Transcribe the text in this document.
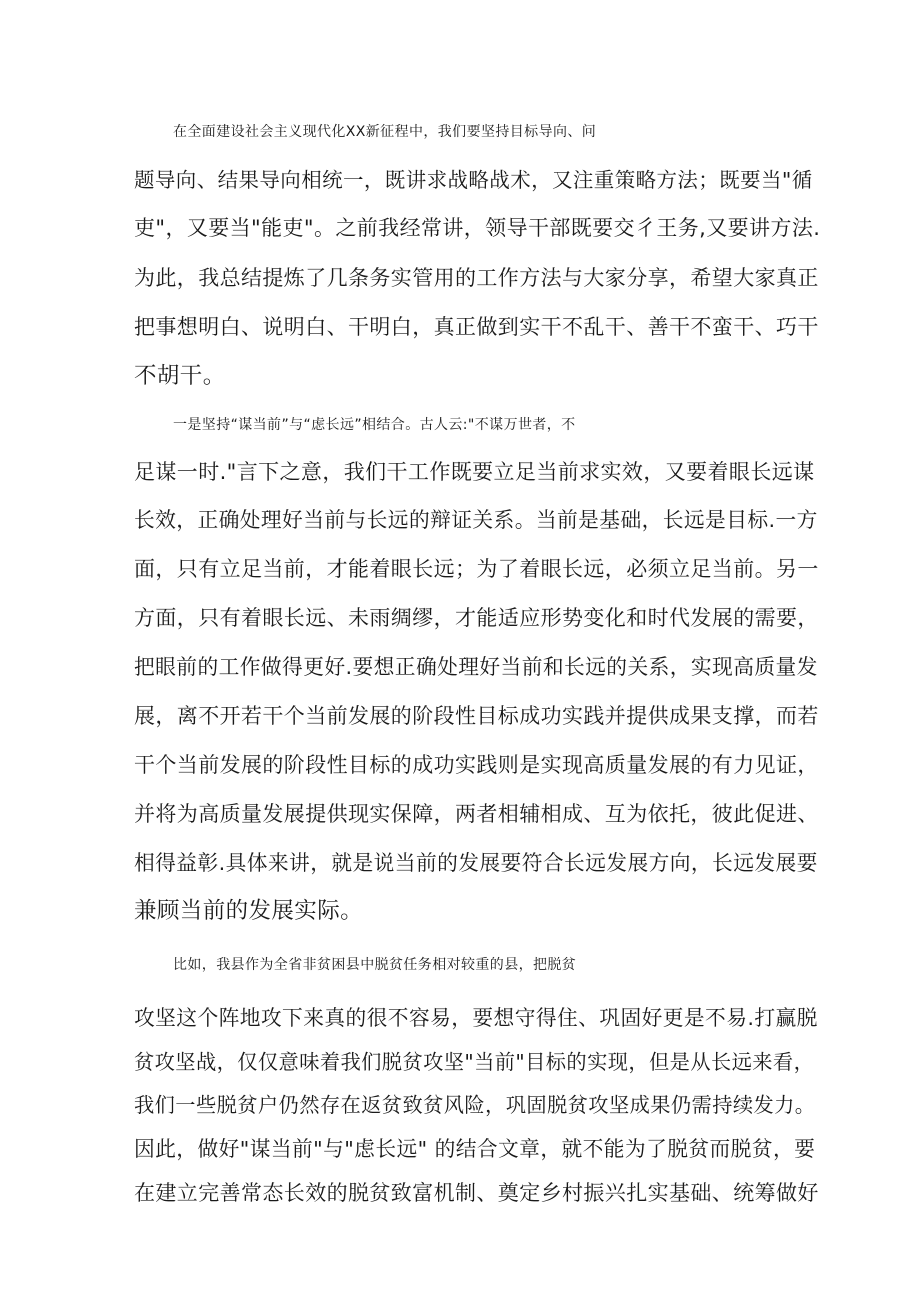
在全面建设社会主义现代化XX新征程中，我们要坚持目标导向、问
题导向、结果导向相统一，既讲求战略战术，又注重策略方法；既要当"循
吏"，又要当"能吏"。之前我经常讲，领导干部既要交彳王务,又要讲方法.
为此，我总结提炼了几条务实管用的工作方法与大家分享，希望大家真正
把事想明白、说明白、干明白，真正做到实干不乱干、善干不蛮干、巧干
不胡干。
一是坚持“谋当前”与“虑长远”相结合。古人云:"不谋万世者，不
足谋一时."言下之意，我们干工作既要立足当前求实效，又要着眼长远谋
长效，正确处理好当前与长远的辩证关系。当前是基础，长远是目标.一方
面，只有立足当前，才能着眼长远；为了着眼长远，必须立足当前。另一
方面，只有着眼长远、未雨绸缪，才能适应形势变化和时代发展的需要，
把眼前的工作做得更好.要想正确处理好当前和长远的关系，实现高质量发
展，离不开若干个当前发展的阶段性目标成功实践并提供成果支撑，而若
干个当前发展的阶段性目标的成功实践则是实现高质量发展的有力见证，
并将为高质量发展提供现实保障，两者相辅相成、互为依托，彼此促进、
相得益彰.具体来讲，就是说当前的发展要符合长远发展方向，长远发展要
兼顾当前的发展实际。
比如，我县作为全省非贫困县中脱贫任务相对较重的县，把脱贫
攻坚这个阵地攻下来真的很不容易，要想守得住、巩固好更是不易.打赢脱
贫攻坚战，仅仅意味着我们脱贫攻坚"当前"目标的实现，但是从长远来看，
我们一些脱贫户仍然存在返贫致贫风险，巩固脱贫攻坚成果仍需持续发力。
因此，做好"谋当前"与"虑长远" 的结合文章，就不能为了脱贫而脱贫，要
在建立完善常态长效的脱贫致富机制、奠定乡村振兴扎实基础、统筹做好
